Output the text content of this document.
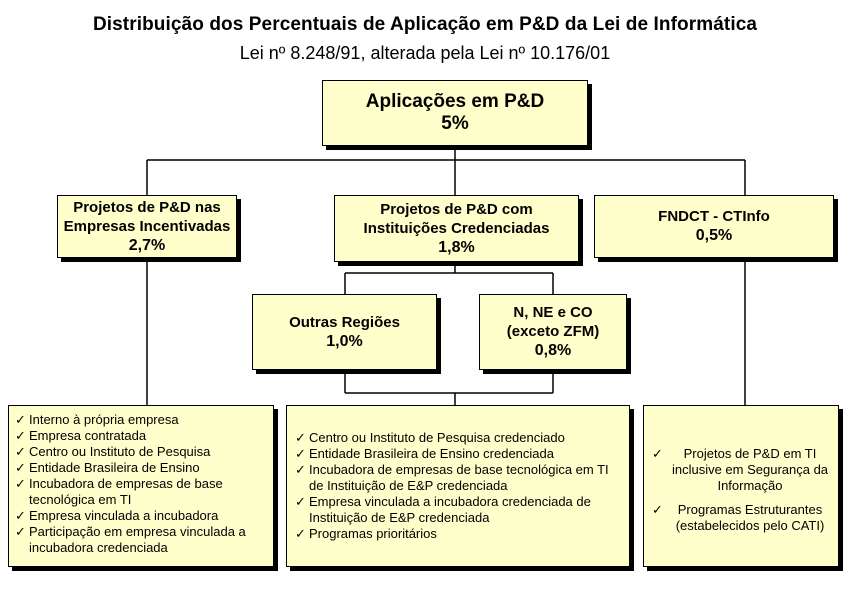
Distribuição dos Percentuais de Aplicação em P&D da Lei de Informática
Lei nº 8.248/91, alterada pela Lei nº 10.176/01
Aplicações em P&D
5%
Projetos de P&D nas
Empresas Incentivadas
2,7%
Projetos de P&D com
Instituições Credenciadas
1,8%
FNDCT - CTInfo
0,5%
Outras Regiões
1,0%
N, NE e CO
(exceto ZFM)
0,8%
✓ Interno à própria empresa
✓ Empresa contratada
✓ Centro ou Instituto de Pesquisa
✓ Entidade Brasileira de Ensino
✓ Incubadora de empresas de base tecnológica em TI
✓ Empresa vinculada a incubadora
✓ Participação em empresa vinculada a incubadora credenciada
✓ Centro ou Instituto de Pesquisa credenciado
✓ Entidade Brasileira de Ensino credenciada
✓ Incubadora de empresas de base tecnológica em TI de Instituição de E&P credenciada
✓ Empresa vinculada a incubadora credenciada de Instituição de E&P credenciada
✓ Programas prioritários
✓ Projetos de P&D em TI inclusive em Segurança da Informação
✓ Programas Estruturantes (estabelecidos pelo CATI)
